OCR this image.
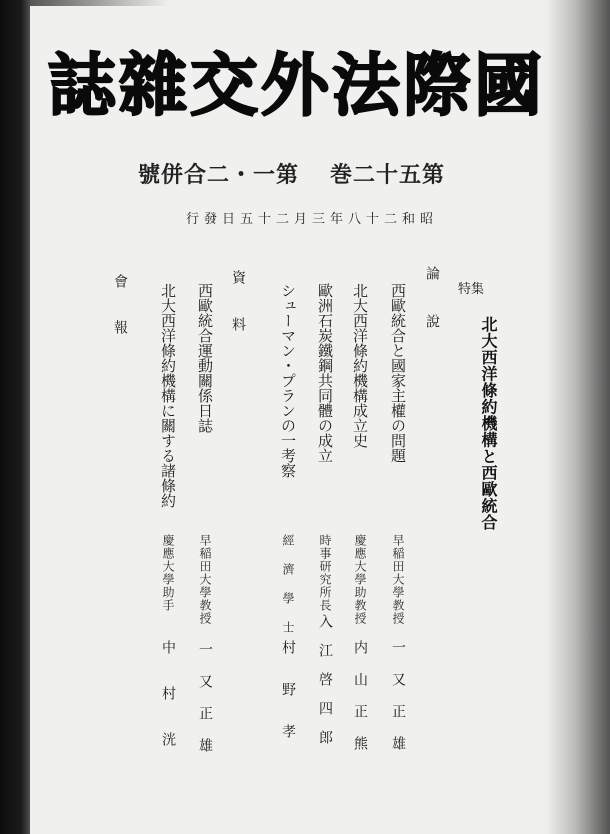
誌雜交外法際國
號併合二・一第 巻二十五第
行發日五十二月三年八十二和昭
特集
北大西洋條約機構と西歐統合
論說
西歐統合と國家主權の問題
早稲田大學教授
一又正雄
北大西洋條約機構成立史
慶應大學助教授
内山正熊
歐洲石炭鐵鋼共同體の成立
時事研究所長
入江啓四郎
シューマン・プランの一考察
經濟學士
村野孝
資料
西歐統合運動關係日誌
早稲田大學教授
一又正雄
北大西洋條約機構に關する諸條約
慶應大學助手
中村洸
會報
